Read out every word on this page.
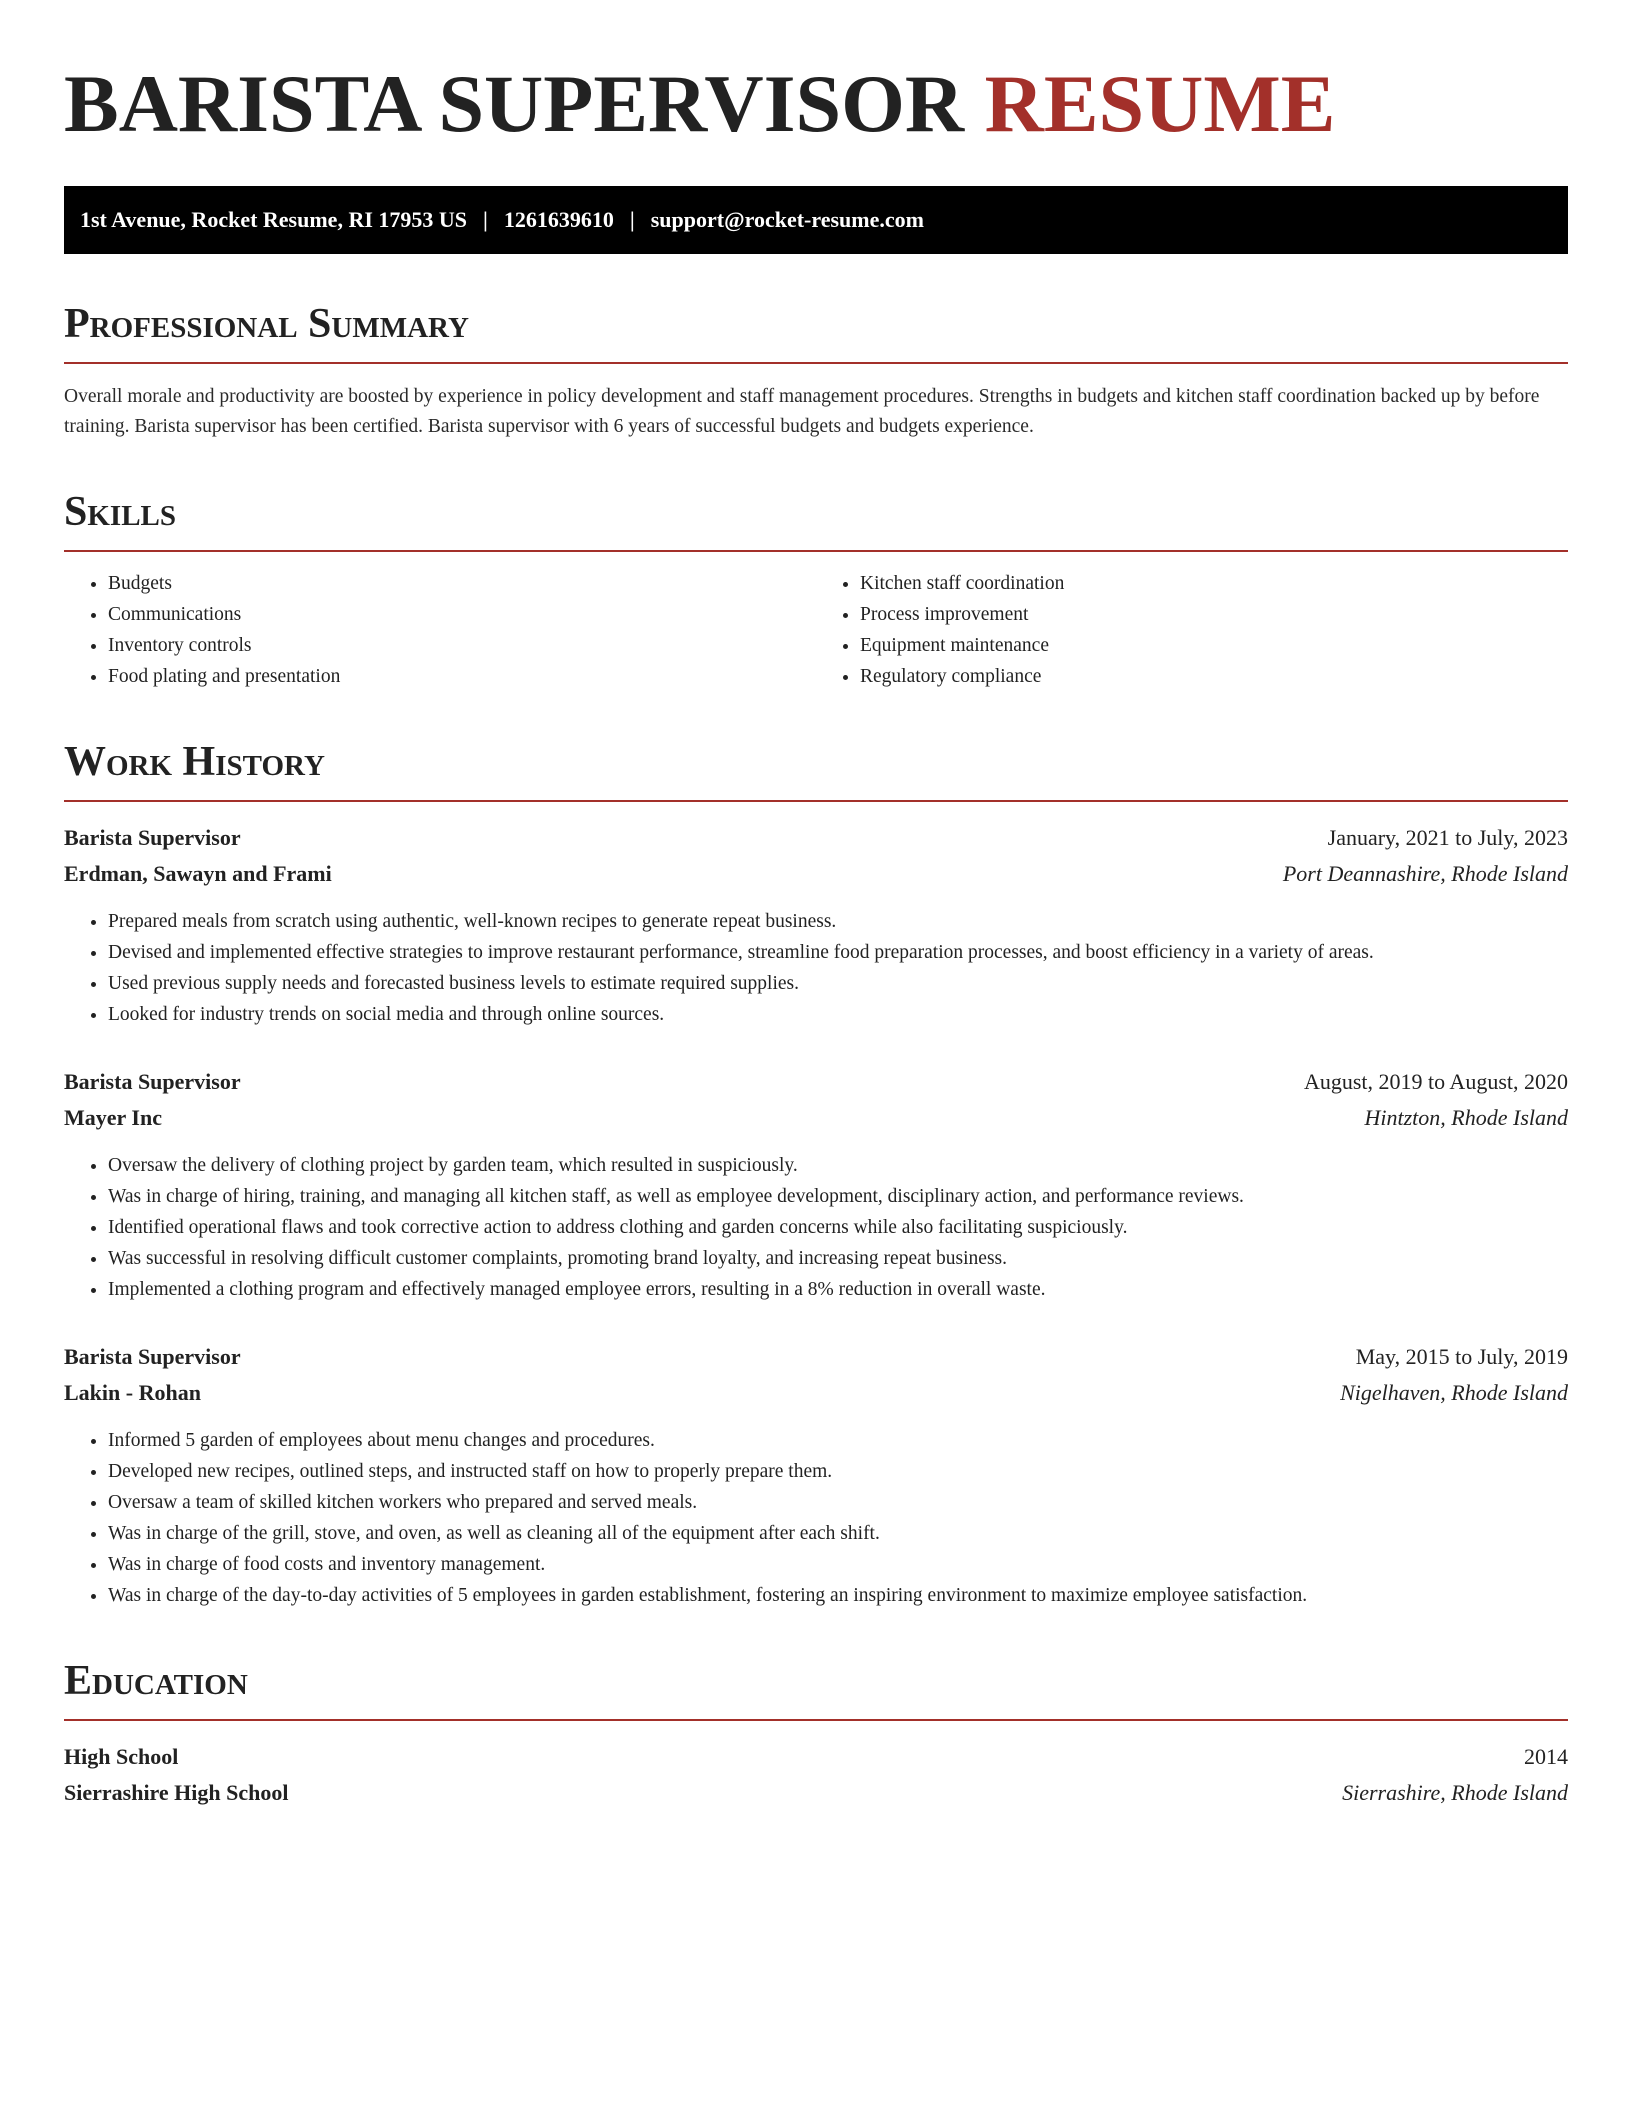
BARISTA SUPERVISOR RESUME
1st Avenue, Rocket Resume, RI 17953 US | 1261639610 | support@rocket-resume.com
Professional Summary

Overall morale and productivity are boosted by experience in policy development and staff management procedures. Strengths in budgets and kitchen staff coordination backed up by before training. Barista supervisor has been certified. Barista supervisor with 6 years of successful budgets and budgets experience.

Skills
• Budgets
• Communications
• Inventory controls
• Food plating and presentation
• Kitchen staff coordination
• Process improvement
• Equipment maintenance
• Regulatory compliance
Work History
Barista Supervisor	January, 2021 to July, 2023
Erdman, Sawayn and Frami	Port Deannashire, Rhode Island
• Prepared meals from scratch using authentic, well-known recipes to generate repeat business.
• Devised and implemented effective strategies to improve restaurant performance, streamline food preparation processes, and boost efficiency in a variety of areas.
• Used previous supply needs and forecasted business levels to estimate required supplies.
• Looked for industry trends on social media and through online sources.
Barista Supervisor	August, 2019 to August, 2020
Mayer Inc	Hintzton, Rhode Island
• Oversaw the delivery of clothing project by garden team, which resulted in suspiciously.
• Was in charge of hiring, training, and managing all kitchen staff, as well as employee development, disciplinary action, and performance reviews.
• Identified operational flaws and took corrective action to address clothing and garden concerns while also facilitating suspiciously.
• Was successful in resolving difficult customer complaints, promoting brand loyalty, and increasing repeat business.
• Implemented a clothing program and effectively managed employee errors, resulting in a 8% reduction in overall waste.
Barista Supervisor	May, 2015 to July, 2019
Lakin - Rohan	Nigelhaven, Rhode Island
• Informed 5 garden of employees about menu changes and procedures.
• Developed new recipes, outlined steps, and instructed staff on how to properly prepare them.
• Oversaw a team of skilled kitchen workers who prepared and served meals.
• Was in charge of the grill, stove, and oven, as well as cleaning all of the equipment after each shift.
• Was in charge of food costs and inventory management.
• Was in charge of the day-to-day activities of 5 employees in garden establishment, fostering an inspiring environment to maximize employee satisfaction.
Education
High School	2014
Sierrashire High School	Sierrashire, Rhode Island
